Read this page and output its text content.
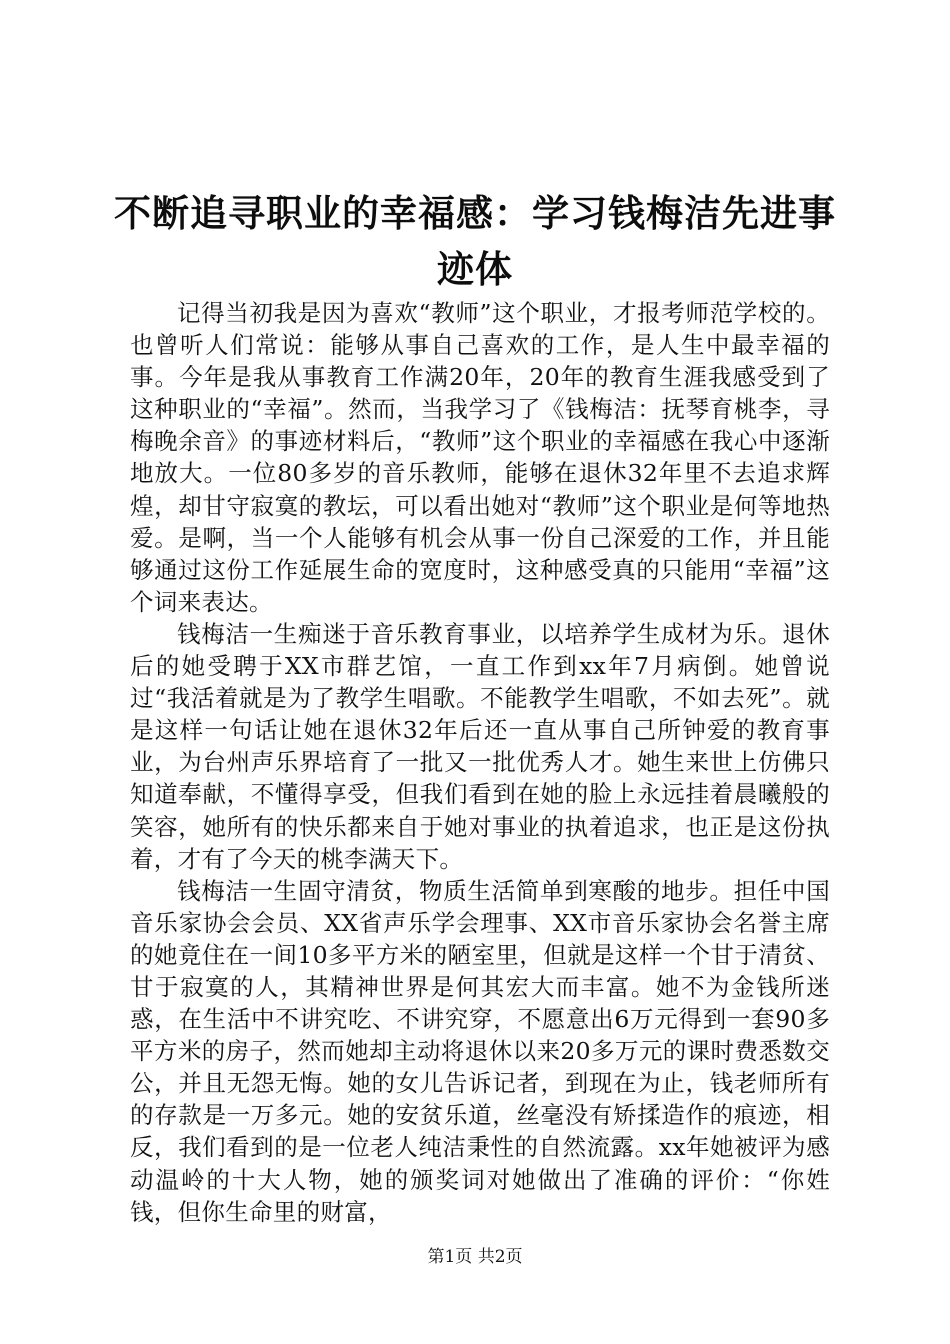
不断追寻职业的幸福感：学习钱梅洁先进事迹体

记得当初我是因为喜欢“教师”这个职业，才报考师范学校的。也曾听人们常说：能够从事自己喜欢的工作，是人生中最幸福的事。今年是我从事教育工作满20年，20年的教育生涯我感受到了这种职业的“幸福”。然而，当我学习了《钱梅洁：抚琴育桃李，寻梅晚余音》的事迹材料后，“教师”这个职业的幸福感在我心中逐渐地放大。一位80多岁的音乐教师，能够在退休32年里不去追求辉煌，却甘守寂寞的教坛，可以看出她对“教师”这个职业是何等地热爱。是啊，当一个人能够有机会从事一份自己深爱的工作，并且能够通过这份工作延展生命的宽度时，这种感受真的只能用“幸福”这个词来表达。

钱梅洁一生痴迷于音乐教育事业，以培养学生成材为乐。退休后的她受聘于XX市群艺馆，一直工作到xx年7月病倒。她曾说过“我活着就是为了教学生唱歌。不能教学生唱歌，不如去死”。就是这样一句话让她在退休32年后还一直从事自己所钟爱的教育事业，为台州声乐界培育了一批又一批优秀人才。她生来世上仿佛只知道奉献，不懂得享受，但我们看到在她的脸上永远挂着晨曦般的笑容，她所有的快乐都来自于她对事业的执着追求，也正是这份执着，才有了今天的桃李满天下。

钱梅洁一生固守清贫，物质生活简单到寒酸的地步。担任中国音乐家协会会员、XX省声乐学会理事、XX市音乐家协会名誉主席的她竟住在一间10多平方米的陋室里，但就是这样一个甘于清贫、甘于寂寞的人，其精神世界是何其宏大而丰富。她不为金钱所迷惑，在生活中不讲究吃、不讲究穿，不愿意出6万元得到一套90多平方米的房子，然而她却主动将退休以来20多万元的课时费悉数交公，并且无怨无悔。她的女儿告诉记者，到现在为止，钱老师所有的存款是一万多元。她的安贫乐道，丝毫没有矫揉造作的痕迹，相反，我们看到的是一位老人纯洁秉性的自然流露。xx年她被评为感动温岭的十大人物，她的颁奖词对她做出了准确的评价：“你姓钱，但你生命里的财富，

第1页 共2页
